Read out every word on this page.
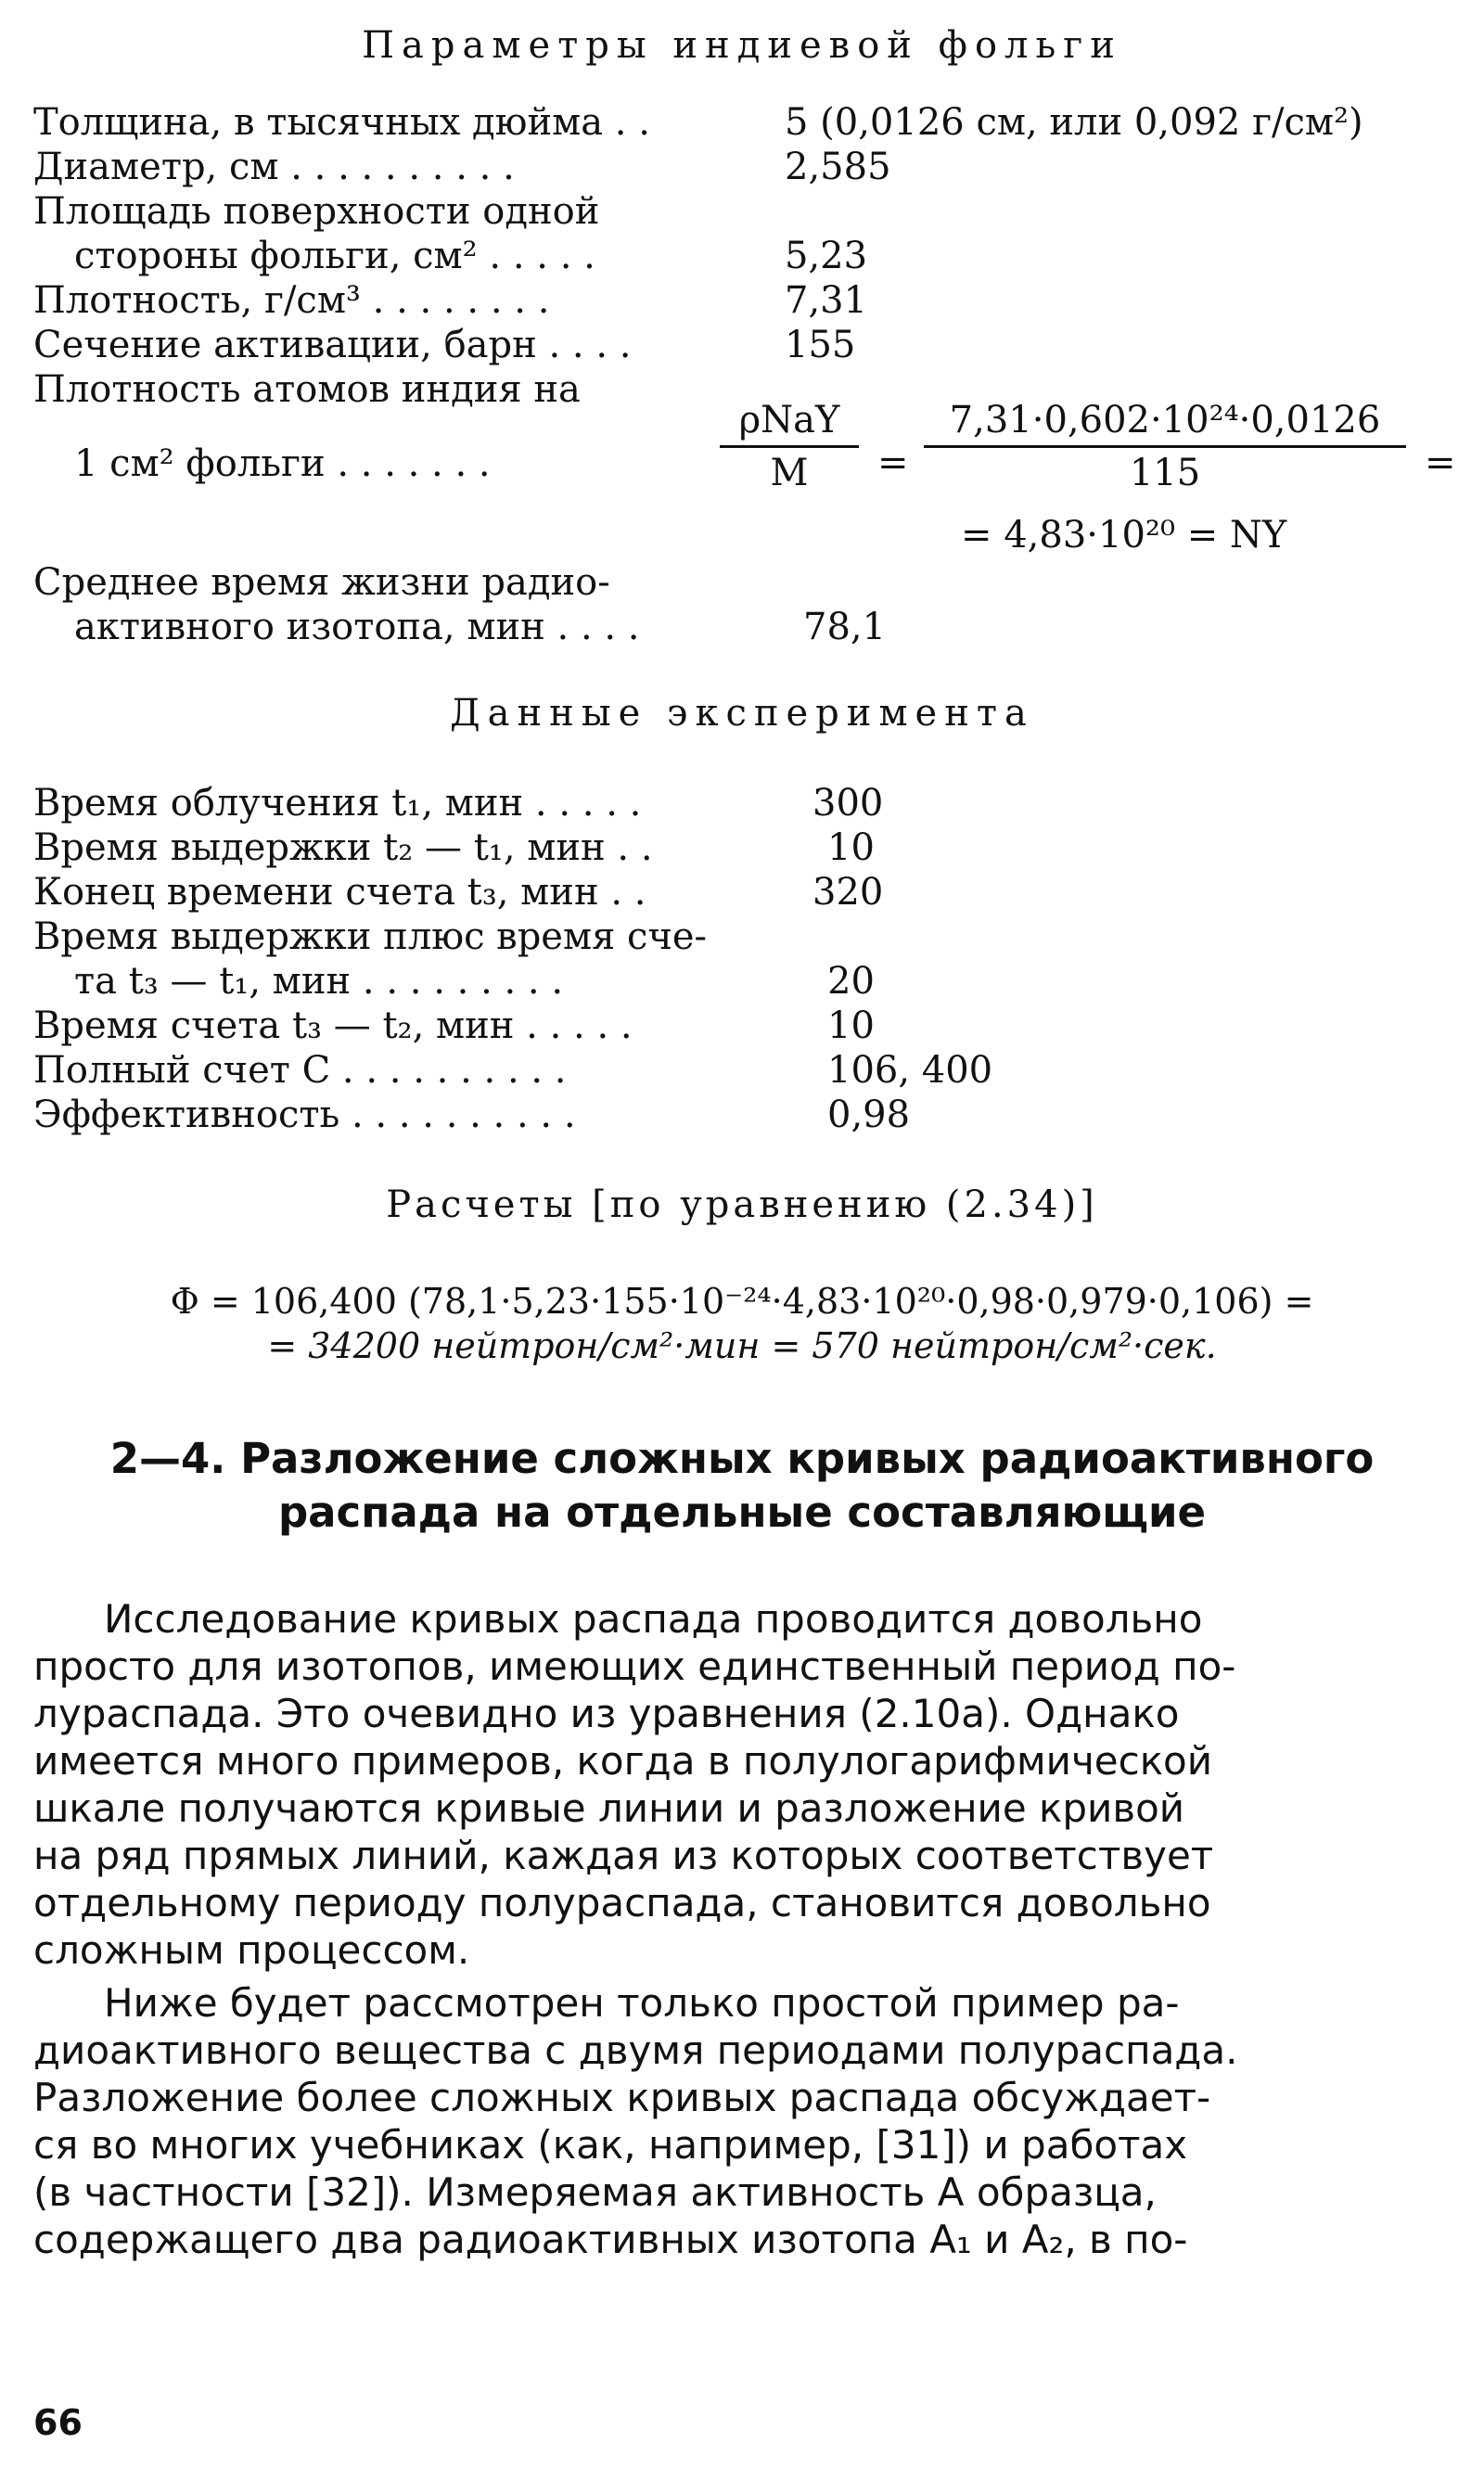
Параметры индиевой фольги
Толщина, в тысячных дюйма . .	5 (0,0126 см, или 0,092 г/см²)
Диаметр, см . . . . . . . . . .	2,585
Площадь поверхности одной
стороны фольги, см² . . . . .	5,23
Плотность, г/см³ . . . . . . . .	7,31
Сечение активации, барн . . . .	155
Плотность атомов индия на
1 см² фольги . . . . . . .
ρNaY
M	=
7,31·0,602·10²⁴·0,0126
115	=
= 4,83·10²⁰ = NY
Среднее время жизни радио-
активного изотопа, мин . . . .	78,1
Данные эксперимента
Время облучения t₁, мин . . . . .	300
Время выдержки t₂ — t₁, мин . .	10
Конец времени счета t₃, мин . .	320
Время выдержки плюс время сче-
та t₃ — t₁, мин . . . . . . . . .	20
Время счета t₃ — t₂, мин . . . . .	10
Полный счет C . . . . . . . . . .	106, 400
Эффективность . . . . . . . . . .	0,98
Расчеты [по уравнению (2.34)]
Φ = 106,400 (78,1·5,23·155·10⁻²⁴·4,83·10²⁰·0,98·0,979·0,106) =
= 34200 нейтрон/см²·мин = 570 нейтрон/см²·сек.
2—4. Разложение сложных кривых радиоактивного
распада на отдельные составляющие
Исследование кривых распада проводится довольно
просто для изотопов, имеющих единственный период по-
лураспада. Это очевидно из уравнения (2.10а). Однако
имеется много примеров, когда в полулогарифмической
шкале получаются кривые линии и разложение кривой
на ряд прямых линий, каждая из которых соответствует
отдельному периоду полураспада, становится довольно
сложным процессом.
Ниже будет рассмотрен только простой пример ра-
диоактивного вещества с двумя периодами полураспада.
Разложение более сложных кривых распада обсуждает-
ся во многих учебниках (как, например, [31]) и работах
(в частности [32]). Измеряемая активность A образца,
содержащего два радиоактивных изотопа A₁ и A₂, в по-
66
